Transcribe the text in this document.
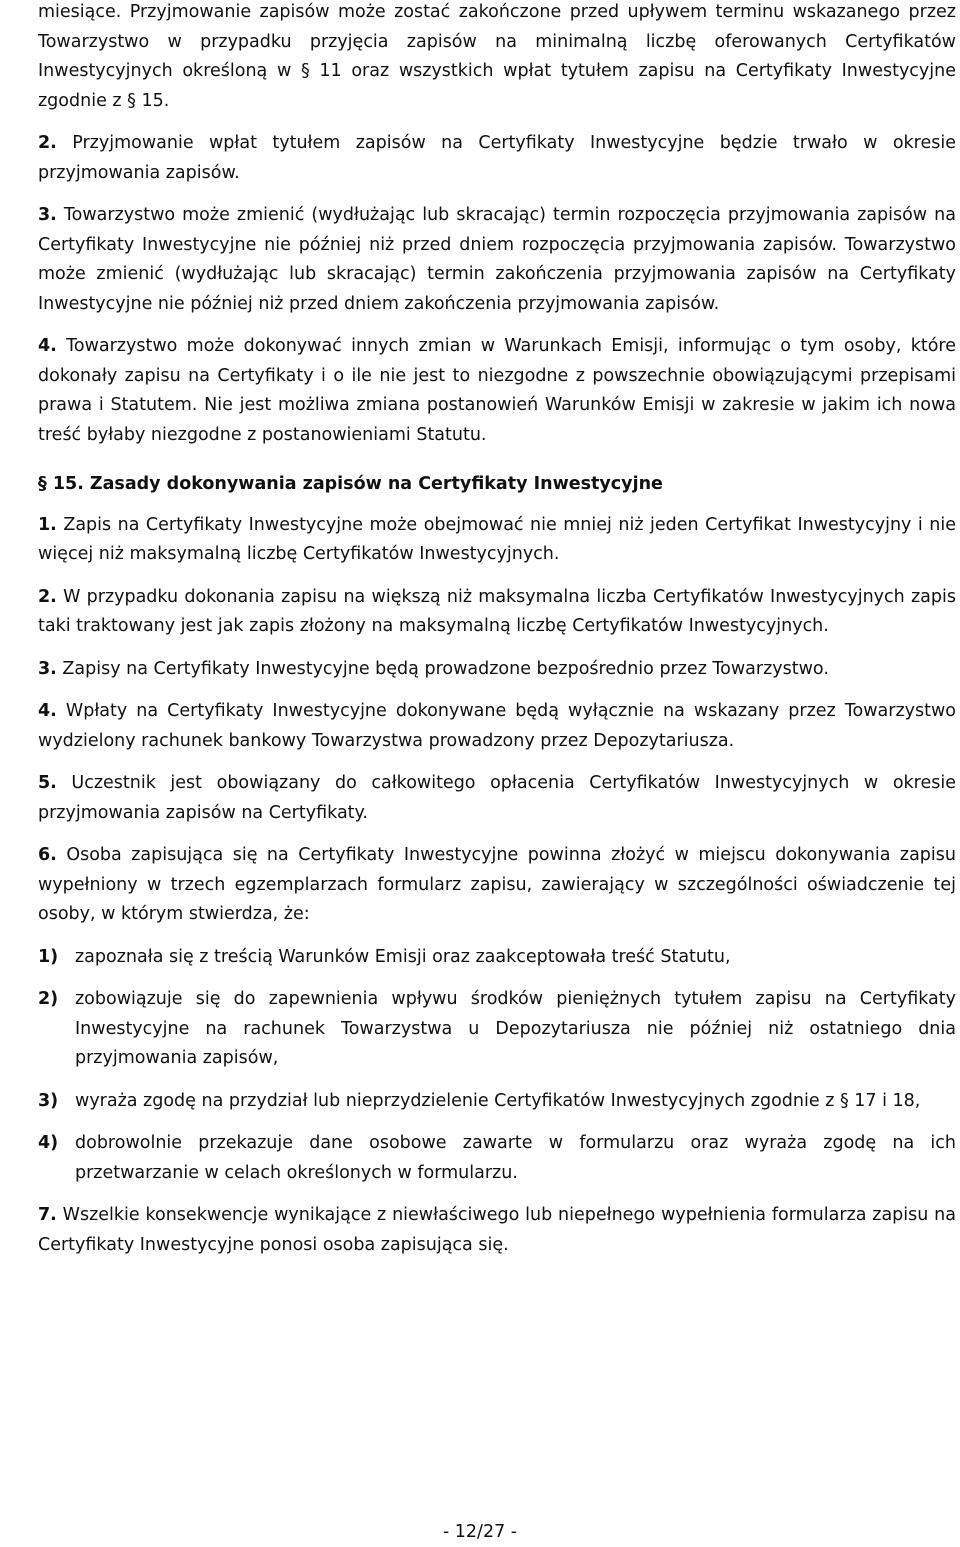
miesiące. Przyjmowanie zapisów może zostać zakończone przed upływem terminu wskazanego przez Towarzystwo w przypadku przyjęcia zapisów na minimalną liczbę oferowanych Certyfikatów Inwestycyjnych określoną w § 11 oraz wszystkich wpłat tytułem zapisu na Certyfikaty Inwestycyjne zgodnie z § 15.

2. Przyjmowanie wpłat tytułem zapisów na Certyfikaty Inwestycyjne będzie trwało w okresie przyjmowania zapisów.

3. Towarzystwo może zmienić (wydłużając lub skracając) termin rozpoczęcia przyjmowania zapisów na Certyfikaty Inwestycyjne nie później niż przed dniem rozpoczęcia przyjmowania zapisów. Towarzystwo może zmienić (wydłużając lub skracając) termin zakończenia przyjmowania zapisów na Certyfikaty Inwestycyjne nie później niż przed dniem zakończenia przyjmowania zapisów.

4. Towarzystwo może dokonywać innych zmian w Warunkach Emisji, informując o tym osoby, które dokonały zapisu na Certyfikaty i o ile nie jest to niezgodne z powszechnie obowiązującymi przepisami prawa i Statutem. Nie jest możliwa zmiana postanowień Warunków Emisji w zakresie w jakim ich nowa treść byłaby niezgodne z postanowieniami Statutu.

§ 15. Zasady dokonywania zapisów na Certyfikaty Inwestycyjne

1. Zapis na Certyfikaty Inwestycyjne może obejmować nie mniej niż jeden Certyfikat Inwestycyjny i nie więcej niż maksymalną liczbę Certyfikatów Inwestycyjnych.

2. W przypadku dokonania zapisu na większą niż maksymalna liczba Certyfikatów Inwestycyjnych zapis taki traktowany jest jak zapis złożony na maksymalną liczbę Certyfikatów Inwestycyjnych.

3. Zapisy na Certyfikaty Inwestycyjne będą prowadzone bezpośrednio przez Towarzystwo.

4. Wpłaty na Certyfikaty Inwestycyjne dokonywane będą wyłącznie na wskazany przez Towarzystwo wydzielony rachunek bankowy Towarzystwa prowadzony przez Depozytariusza.

5. Uczestnik jest obowiązany do całkowitego opłacenia Certyfikatów Inwestycyjnych w okresie przyjmowania zapisów na Certyfikaty.

6. Osoba zapisująca się na Certyfikaty Inwestycyjne powinna złożyć w miejscu dokonywania zapisu wypełniony w trzech egzemplarzach formularz zapisu, zawierający w szczególności oświadczenie tej osoby, w którym stwierdza, że:

1) zapoznała się z treścią Warunków Emisji oraz zaakceptowała treść Statutu,
2) zobowiązuje się do zapewnienia wpływu środków pieniężnych tytułem zapisu na Certyfikaty Inwestycyjne na rachunek Towarzystwa u Depozytariusza nie później niż ostatniego dnia przyjmowania zapisów,
3) wyraża zgodę na przydział lub nieprzydzielenie Certyfikatów Inwestycyjnych zgodnie z § 17 i 18,
4) dobrowolnie przekazuje dane osobowe zawarte w formularzu oraz wyraża zgodę na ich przetwarzanie w celach określonych w formularzu.

7. Wszelkie konsekwencje wynikające z niewłaściwego lub niepełnego wypełnienia formularza zapisu na Certyfikaty Inwestycyjne ponosi osoba zapisująca się.

- 12/27 -
